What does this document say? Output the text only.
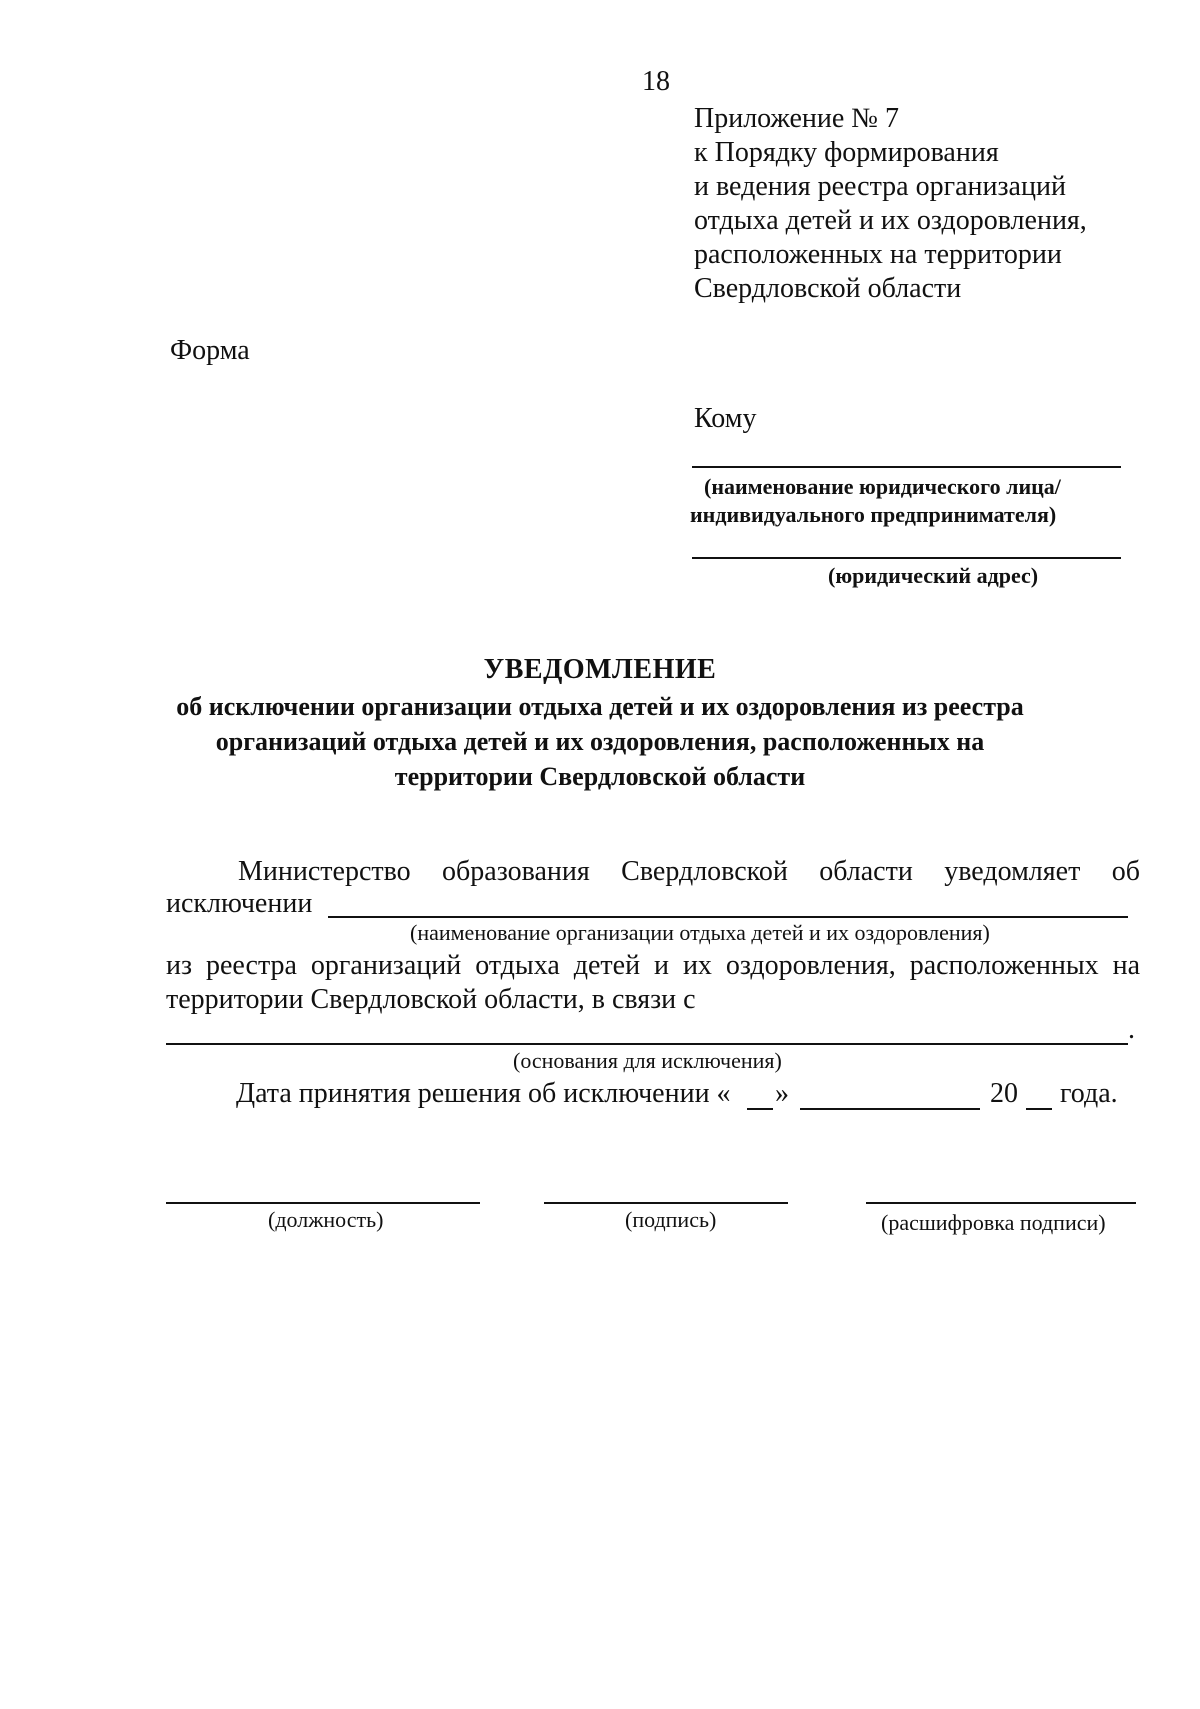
18
Приложение № 7
к Порядку формирования
и ведения реестра организаций
отдыха детей и их оздоровления,
расположенных на территории
Свердловской области
Форма
Кому
(наименование юридического лица/
индивидуального предпринимателя)
(юридический адрес)
УВЕДОМЛЕНИЕ
об исключении организации отдыха детей и их оздоровления из реестра
организаций отдыха детей и их оздоровления, расположенных на
территории Свердловской области
Министерство образования Свердловской области уведомляет об
исключении
(наименование организации отдыха детей и их оздоровления)
из реестра организаций отдыха детей и их оздоровления, расположенных на
территории Свердловской области, в связи с
.
(основания для исключения)
Дата принятия решения об исключении « »	20 года.
(должность)	(подпись)	(расшифровка подписи)
